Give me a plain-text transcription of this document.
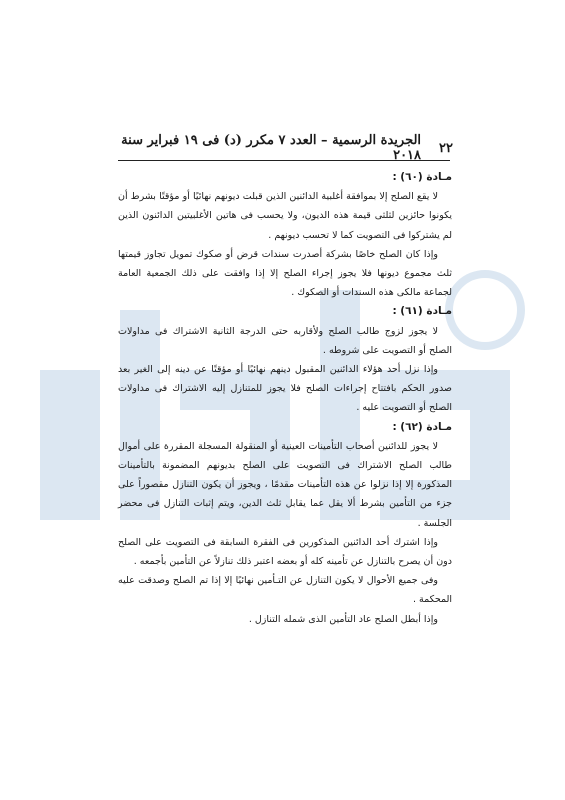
٢٢
الجريدة الرسمية – العدد ٧ مكرر (د) فى ١٩ فبراير سنة ٢٠١٨
مـادة (٦٠) :

لا يقع الصلح إلا بموافقة أغلبية الدائنين الذين قبلت ديونهم نهائيًا أو مؤقتًا بشرط أن يكونوا حائزين لثلثى قيمة هذه الديون، ولا يحسب فى هاتين الأغلبيتين الدائنون الذين لم يشتركوا فى التصويت كما لا تحسب ديونهم .

وإذا كان الصلح خاصًا بشركة أصدرت سندات قرض أو صكوك تمويل تجاوز قيمتها ثلث مجموع ديونها فلا يجوز إجراء الصلح إلا إذا وافقت على ذلك الجمعية العامة لجماعة مالكى هذه السندات أو الصكوك .

مـادة (٦١) :

لا يجوز لزوج طالب الصلح ولأقاربه حتى الدرجة الثانية الاشتراك فى مداولات الصلح أو التصويت على شروطه .

وإذا نزل أحد هؤلاء الدائنين المقبول دينهم نهائيًا أو مؤقتًا عن دينه إلى الغير بعد صدور الحكم بافتتاح إجراءات الصلح فلا يجوز للمتنازل إليه الاشتراك فى مداولات الصلح أو التصويت عليه .

مـادة (٦٢) :

لا يجوز للدائنين أصحاب التأمينات العينية أو المنقولة المسجلة المقررة على أموال طالب الصلح الاشتراك فى التصويت على الصلح بديونهم المضمونة بالتأمينات المذكورة إلا إذا نزلوا عن هذه التأمينات مقدمًا ، ويجوز أن يكون التنازل مقصوراً على جزء من التأمين بشرط ألا يقل عما يقابل ثلث الدين، ويتم إثبات التنازل فى محضر الجلسة .

وإذا اشترك أحد الدائنين المذكورين فى الفقرة السابقة فى التصويت على الصلح دون أن يصرح بالتنازل عن تأمينه كله أو بعضه اعتبر ذلك تنازلاً عن التأمين بأجمعه .

وفى جميع الأحوال لا يكون التنازل عن التـأمين نهائيًا إلا إذا تم الصلح وصدقت عليه المحكمة .

وإذا أبطل الصلح عاد التأمين الذى شمله التنازل .
